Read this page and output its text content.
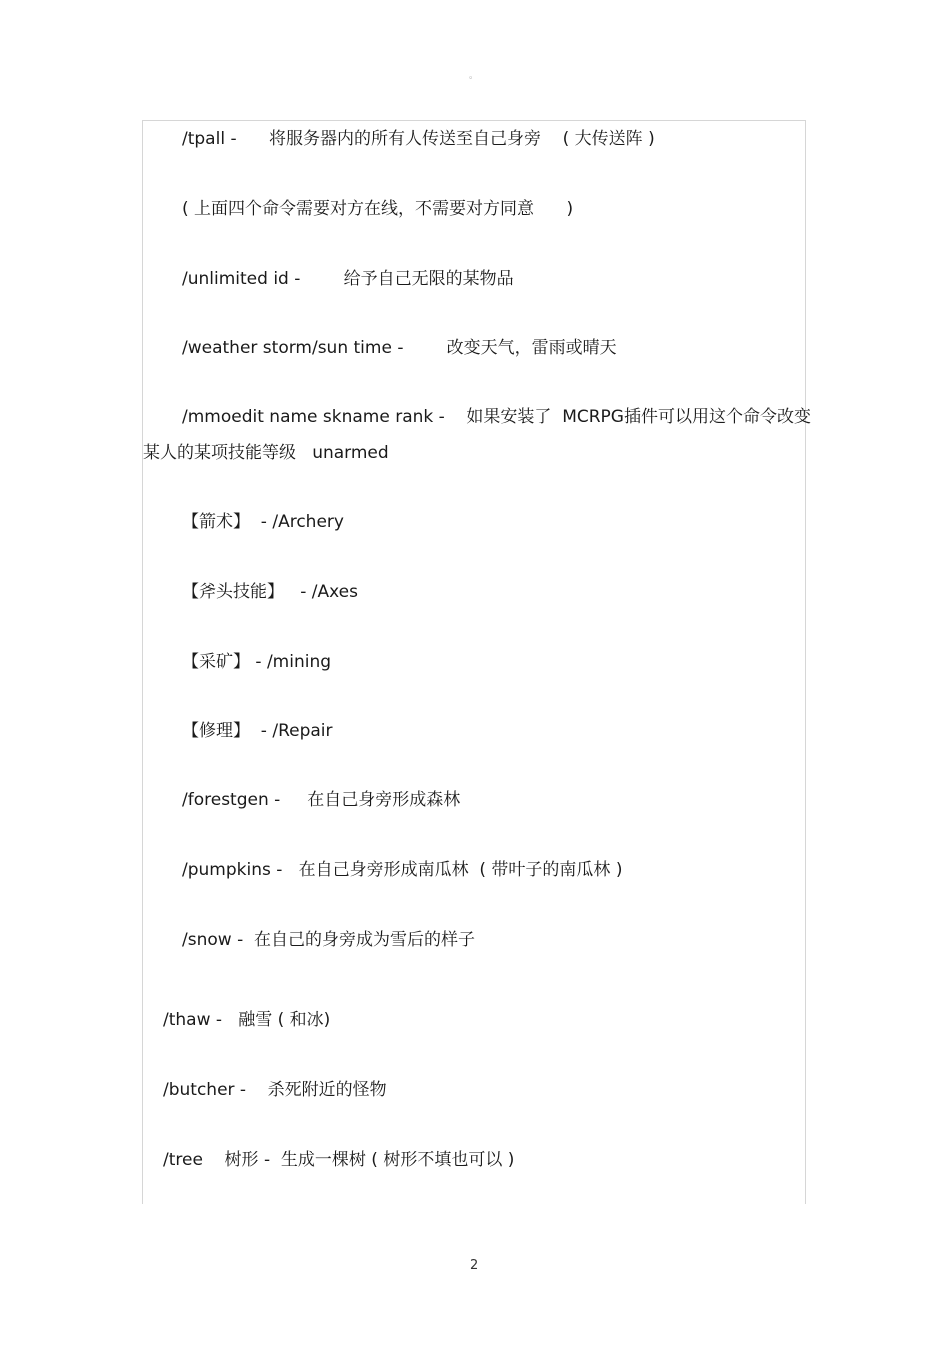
。
/tpall -      将服务器内的所有人传送至自己身旁    ( 大传送阵 )
( 上面四个命令需要对方在线，不需要对方同意      )
/unlimited id -        给予自己无限的某物品
/weather storm/sun time -        改变天气，雷雨或晴天
/mmoedit name skname rank -    如果安装了  MCRPG插件可以用这个命令改变
某人的某项技能等级   unarmed
【箭术】  - /Archery
【斧头技能】   - /Axes
【采矿】 - /mining
【修理】  - /Repair
/forestgen -     在自己身旁形成森林
/pumpkins -   在自己身旁形成南瓜林  ( 带叶子的南瓜林 )
/snow -  在自己的身旁成为雪后的样子
/thaw -   融雪 ( 和冰)
/butcher -    杀死附近的怪物
/tree    树形 -  生成一棵树 ( 树形不填也可以 )
2
